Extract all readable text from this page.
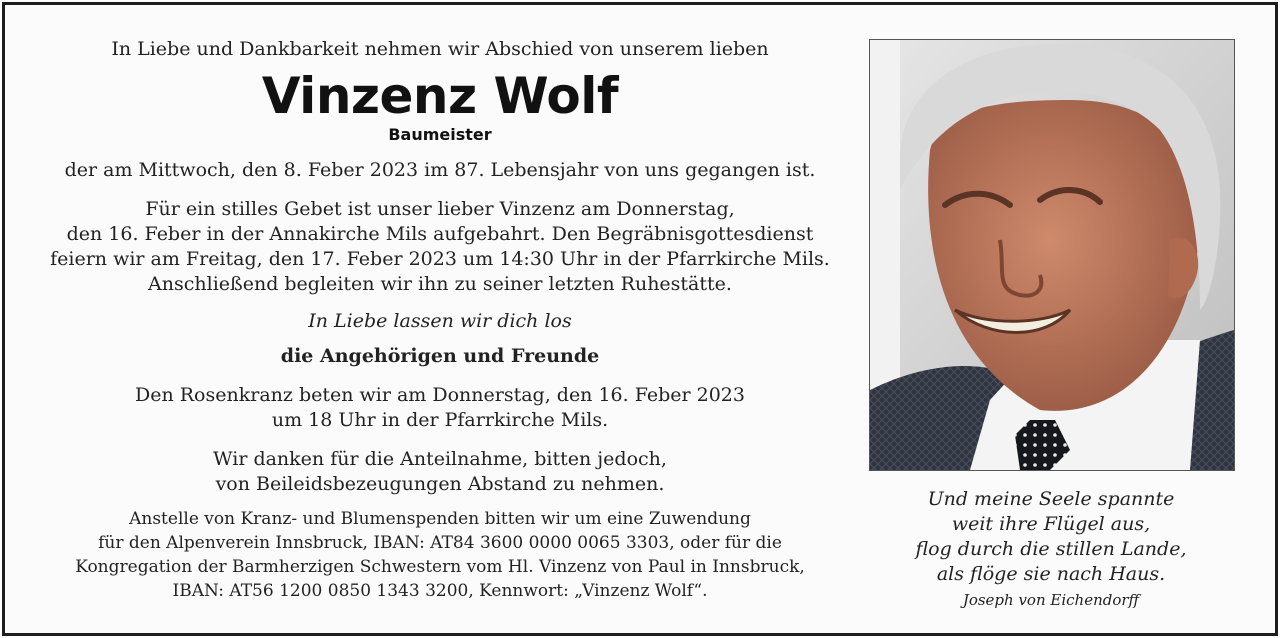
In Liebe und Dankbarkeit nehmen wir Abschied von unserem lieben
Vinzenz Wolf
Baumeister
der am Mittwoch, den 8. Feber 2023 im 87. Lebensjahr von uns gegangen ist.
Für ein stilles Gebet ist unser lieber Vinzenz am Donnerstag,
den 16. Feber in der Annakirche Mils aufgebahrt. Den Begräbnisgottesdienst
feiern wir am Freitag, den 17. Feber 2023 um 14:30 Uhr in der Pfarrkirche Mils.
Anschließend begleiten wir ihn zu seiner letzten Ruhestätte.
In Liebe lassen wir dich los
die Angehörigen und Freunde
Den Rosenkranz beten wir am Donnerstag, den 16. Feber 2023
um 18 Uhr in der Pfarrkirche Mils.
Wir danken für die Anteilnahme, bitten jedoch,
von Beileidsbezeugungen Abstand zu nehmen.
Anstelle von Kranz- und Blumenspenden bitten wir um eine Zuwendung
für den Alpenverein Innsbruck, IBAN: AT84 3600 0000 0065 3303, oder für die
Kongregation der Barmherzigen Schwestern vom Hl. Vinzenz von Paul in Innsbruck,
IBAN: AT56 1200 0850 1343 3200, Kennwort: „Vinzenz Wolf“.
Und meine Seele spannte
weit ihre Flügel aus,
flog durch die stillen Lande,
als flöge sie nach Haus.
Joseph von Eichendorff
